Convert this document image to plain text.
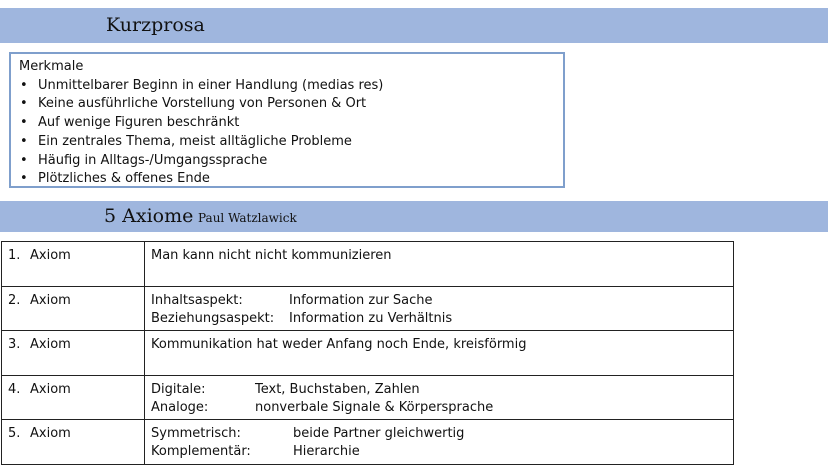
Kurzprosa
Merkmale
• Unmittelbarer Beginn in einer Handlung (medias res)
• Keine ausführliche Vorstellung von Personen & Ort
• Auf wenige Figuren beschränkt
• Ein zentrales Thema, meist alltägliche Probleme
• Häufig in Alltags-/Umgangssprache
• Plötzliches & offenes Ende
5 Axiome Paul Watzlawick
1. Axiom	Man kann nicht nicht kommunizieren
2. Axiom	Inhaltsaspekt: Information zur Sache
Beziehungsaspekt: Information zu Verhältnis

3. Axiom	Kommunikation hat weder Anfang noch Ende, kreisförmig
4. Axiom	Digitale: Text, Buchstaben, Zahlen
Analoge: nonverbale Signale & Körpersprache

5. Axiom	Symmetrisch: beide Partner gleichwertig
Komplementär: Hierarchie
